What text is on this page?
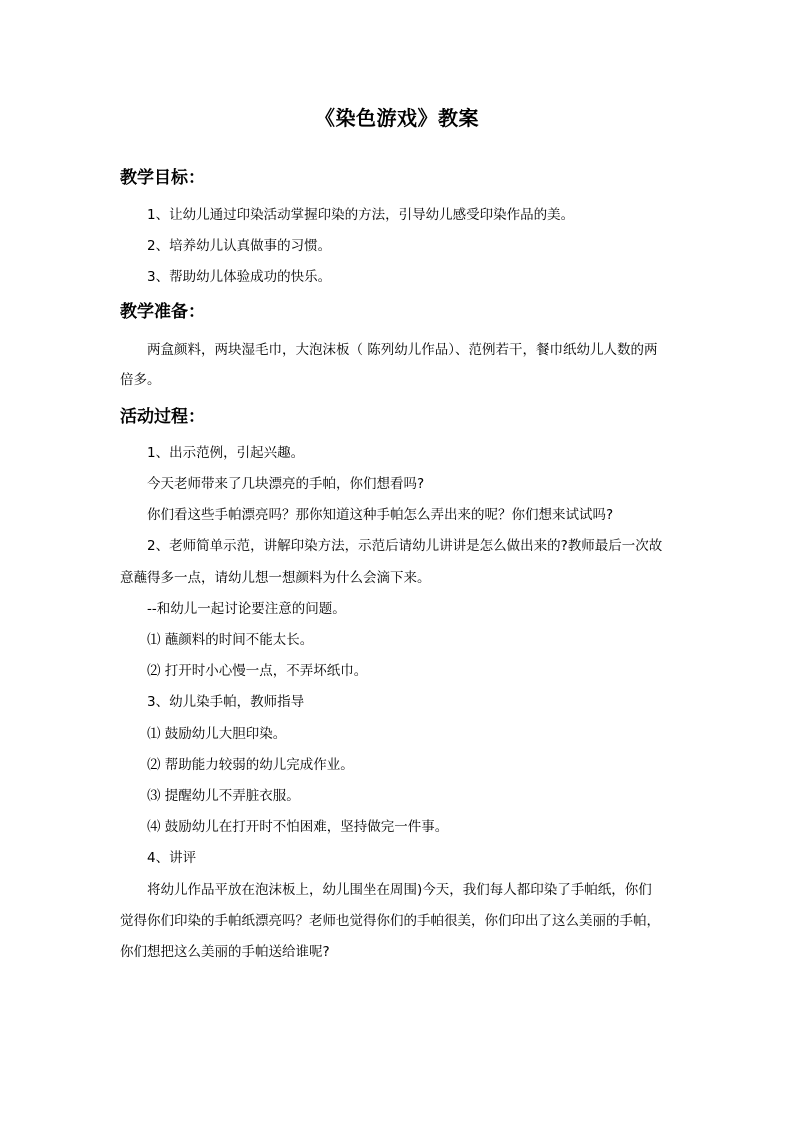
《染色游戏》教案
教学目标：
1、让幼儿通过印染活动掌握印染的方法，引导幼儿感受印染作品的美。
2、培养幼儿认真做事的习惯。
3、帮助幼儿体验成功的快乐。
教学准备：
两盒颜料，两块湿毛巾，大泡沫板（ 陈列幼儿作品）、范例若干，餐巾纸幼儿人数的两
倍多。
活动过程：
1、出示范例，引起兴趣。
今天老师带来了几块漂亮的手帕，你们想看吗?
你们看这些手帕漂亮吗？那你知道这种手帕怎么弄出来的呢？你们想来试试吗?
2、老师简单示范，讲解印染方法，示范后请幼儿讲讲是怎么做出来的?教师最后一次故
意蘸得多一点，请幼儿想一想颜料为什么会滴下来。
--和幼儿一起讨论要注意的问题。
⑴ 蘸颜料的时间不能太长。
⑵ 打开时小心慢一点，不弄坏纸巾。
3、幼儿染手帕，教师指导
⑴ 鼓励幼儿大胆印染。
⑵ 帮助能力较弱的幼儿完成作业。
⑶ 提醒幼儿不弄脏衣服。
⑷ 鼓励幼儿在打开时不怕困难，坚持做完一件事。
4、讲评
将幼儿作品平放在泡沫板上，幼儿围坐在周围)今天，我们每人都印染了手帕纸，你们
觉得你们印染的手帕纸漂亮吗？老师也觉得你们的手帕很美，你们印出了这么美丽的手帕，
你们想把这么美丽的手帕送给谁呢?
